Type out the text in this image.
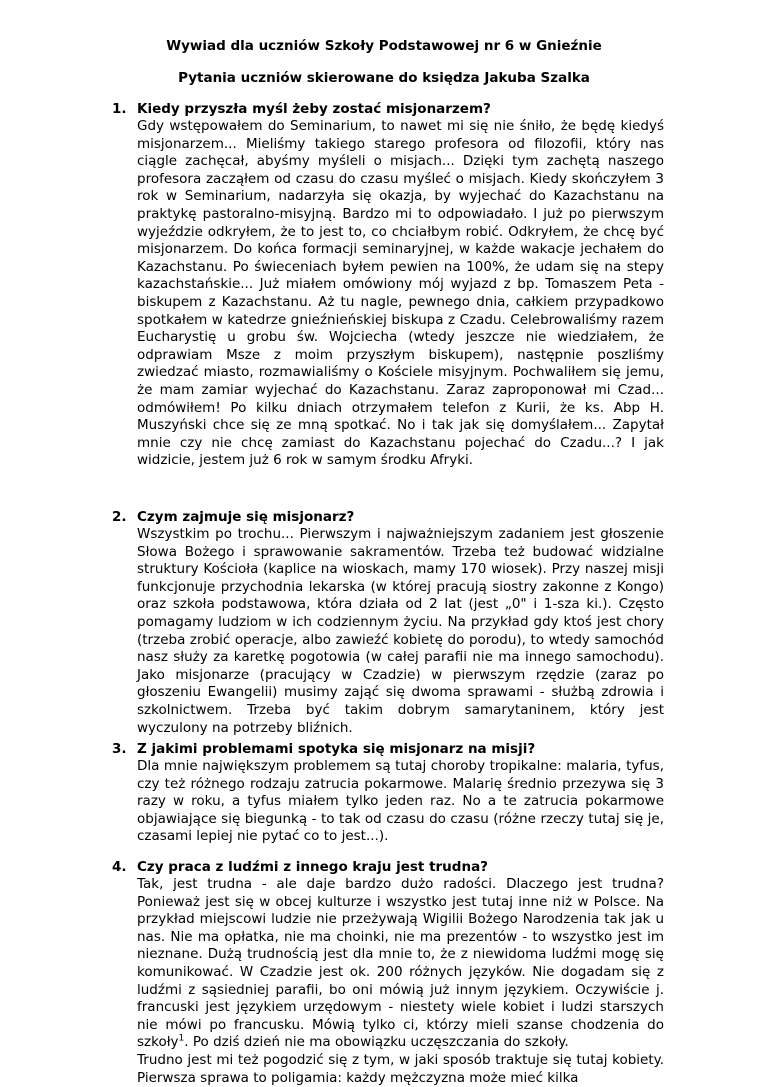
Wywiad dla uczniów Szkoły Podstawowej nr 6 w Gnieźnie
Pytania uczniów skierowane do księdza Jakuba Szalka
1. Kiedy przyszła myśl żeby zostać misjonarzem?

Gdy wstępowałem do Seminarium, to nawet mi się nie śniło, że będę kiedyś misjonarzem... Mieliśmy takiego starego profesora od filozofii, który nas ciągle zachęcał, abyśmy myśleli o misjach... Dzięki tym zachętą naszego profesora zacząłem od czasu do czasu myśleć o misjach. Kiedy skończyłem 3 rok w Seminarium, nadarzyła się okazja, by wyjechać do Kazachstanu na praktykę pastoralno-misyjną. Bardzo mi to odpowiadało. I już po pierwszym wyjeździe odkryłem, że to jest to, co chciałbym robić. Odkryłem, że chcę być misjonarzem. Do końca formacji seminaryjnej, w każde wakacje jechałem do Kazachstanu. Po świeceniach byłem pewien na 100%, że udam się na stepy kazachstańskie... Już miałem omówiony mój wyjazd z bp. Tomaszem Peta - biskupem z Kazachstanu. Aż tu nagle, pewnego dnia, całkiem przypadkowo spotkałem w katedrze gnieźnieńskiej biskupa z Czadu. Celebrowaliśmy razem Eucharystię u grobu św. Wojciecha (wtedy jeszcze nie wiedziałem, że odprawiam Msze z moim przyszłym biskupem), następnie poszliśmy zwiedzać miasto, rozmawialiśmy o Kościele misyjnym. Pochwaliłem się jemu, że mam zamiar wyjechać do Kazachstanu. Zaraz zaproponował mi Czad... odmówiłem! Po kilku dniach otrzymałem telefon z Kurii, że ks. Abp H. Muszyński chce się ze mną spotkać. No i tak jak się domyślałem... Zapytał mnie czy nie chcę zamiast do Kazachstanu pojechać do Czadu...? I jak widzicie, jestem już 6 rok w samym środku Afryki.

2. Czym zajmuje się misjonarz?

Wszystkim po trochu... Pierwszym i najważniejszym zadaniem jest głoszenie Słowa Bożego i sprawowanie sakramentów. Trzeba też budować widzialne struktury Kościoła (kaplice na wioskach, mamy 170 wiosek). Przy naszej misji funkcjonuje przychodnia lekarska (w której pracują siostry zakonne z Kongo) oraz szkoła podstawowa, która działa od 2 lat (jest „0" i 1-sza ki.). Często pomagamy ludziom w ich codziennym życiu. Na przykład gdy ktoś jest chory (trzeba zrobić operacje, albo zawieźć kobietę do porodu), to wtedy samochód nasz służy za karetkę pogotowia (w całej parafii nie ma innego samochodu). Jako misjonarze (pracujący w Czadzie) w pierwszym rzędzie (zaraz po głoszeniu Ewangelii) musimy zająć się dwoma sprawami - służbą zdrowia i szkolnictwem. Trzeba być takim dobrym samarytaninem, który jest wyczulony na potrzeby bliźnich.

3. Z jakimi problemami spotyka się misjonarz na misji?

Dla mnie największym problemem są tutaj choroby tropikalne: malaria, tyfus, czy też różnego rodzaju zatrucia pokarmowe. Malarię średnio przezywa się 3 razy w roku, a tyfus miałem tylko jeden raz. No a te zatrucia pokarmowe objawiające się biegunką - to tak od czasu do czasu (różne rzeczy tutaj się je, czasami lepiej nie pytać co to jest...).

4. Czy praca z ludźmi z innego kraju jest trudna?

Tak, jest trudna - ale daje bardzo dużo radości. Dlaczego jest trudna? Ponieważ jest się w obcej kulturze i wszystko jest tutaj inne niż w Polsce. Na przykład miejscowi ludzie nie przeżywają Wigilii Bożego Narodzenia tak jak u nas. Nie ma opłatka, nie ma choinki, nie ma prezentów - to wszystko jest im nieznane. Dużą trudnością jest dla mnie to, że z niewidoma ludźmi mogę się komunikować. W Czadzie jest ok. 200 różnych języków. Nie dogadam się z ludźmi z sąsiedniej parafii, bo oni mówią już innym językiem. Oczywiście j. francuski jest językiem urzędowym - niestety wiele kobiet i ludzi starszych nie mówi po francusku. Mówią tylko ci, którzy mieli szanse chodzenia do szkoły$^1$. Po dziś dzień nie ma obowiązku uczęszczania do szkoły.

Trudno jest mi też pogodzić się z tym, w jaki sposób traktuje się tutaj kobiety. Pierwsza sprawa to poligamia: każdy mężczyzna może mieć kilka
